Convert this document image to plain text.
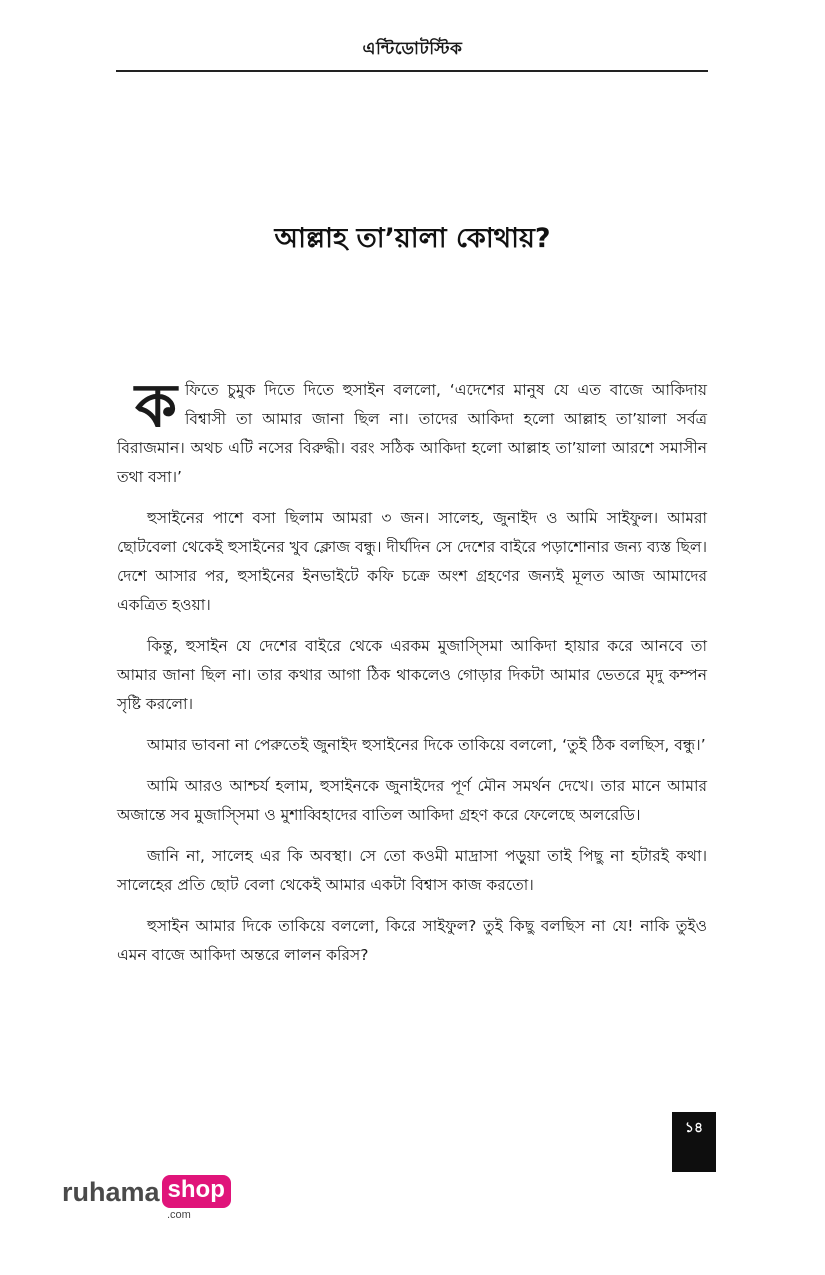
এন্টিডোটস্টিক
আল্লাহ তা’য়ালা কোথায়?

কফিতে চুমুক দিতে দিতে হুসাইন বললো, ‘এদেশের মানুষ যে এত বাজে আকিদায় বিশ্বাসী তা আমার জানা ছিল না। তাদের আকিদা হলো আল্লাহ তা’য়ালা সর্বত্র বিরাজমান। অথচ এটি নসের বিরুদ্ধী। বরং সঠিক আকিদা হলো আল্লাহ তা’য়ালা আরশে সমাসীন তথা বসা।’

হুসাইনের পাশে বসা ছিলাম আমরা ৩ জন। সালেহ, জুনাইদ ও আমি সাইফুল। আমরা ছোটবেলা থেকেই হুসাইনের খুব ক্লোজ বন্ধু। দীর্ঘদিন সে দেশের বাইরে পড়াশোনার জন্য ব্যস্ত ছিল। দেশে আসার পর, হুসাইনের ইনভাইটে কফি চক্রে অংশ গ্রহণের জন্যই মূলত আজ আমাদের একত্রিত হওয়া।

কিন্তু, হুসাইন যে দেশের বাইরে থেকে এরকম মুজাস্সিমা আকিদা হায়ার করে আনবে তা আমার জানা ছিল না। তার কথার আগা ঠিক থাকলেও গোড়ার দিকটা আমার ভেতরে মৃদু কম্পন সৃষ্টি করলো।

আমার ভাবনা না পেরুতেই জুনাইদ হুসাইনের দিকে তাকিয়ে বললো, ‘তুই ঠিক বলছিস, বন্ধু।’

আমি আরও আশ্চর্য হলাম, হুসাইনকে জুনাইদের পূর্ণ মৌন সমর্থন দেখে। তার মানে আমার অজান্তে সব মুজাস্সিমা ও মুশাব্বিহাদের বাতিল আকিদা গ্রহণ করে ফেলেছে অলরেডি।

জানি না, সালেহ এর কি অবস্থা। সে তো কওমী মাদ্রাসা পড়ুয়া তাই পিছু না হটারই কথা। সালেহের প্রতি ছোট বেলা থেকেই আমার একটা বিশ্বাস কাজ করতো।

হুসাইন আমার দিকে তাকিয়ে বললো, কিরে সাইফুল? তুই কিছু বলছিস না যে! নাকি তুইও এমন বাজে আকিদা অন্তরে লালন করিস?

১৪
ruhama shop
.com
